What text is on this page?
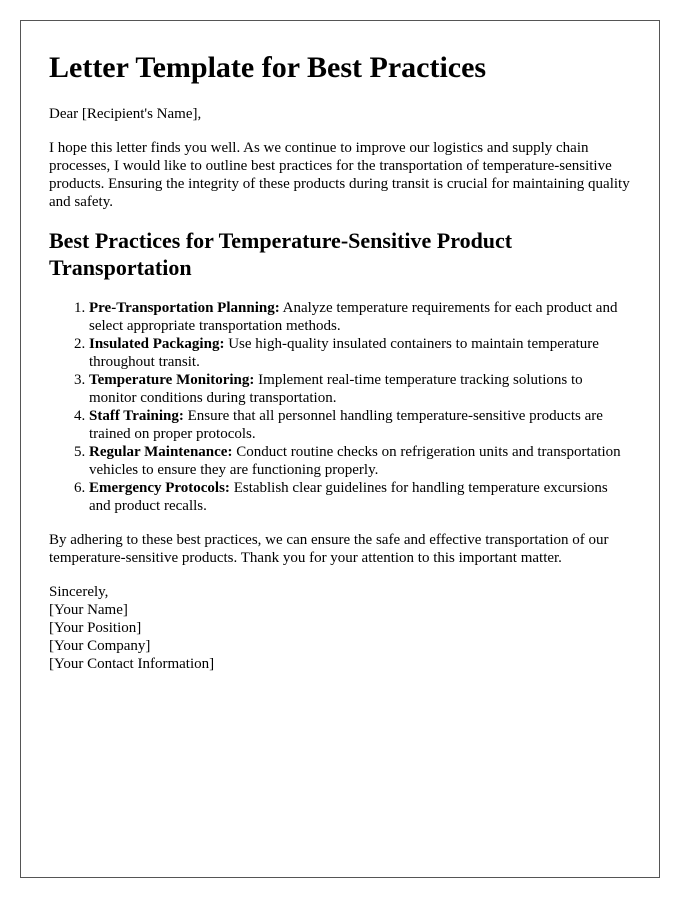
Letter Template for Best Practices

Dear [Recipient's Name],

I hope this letter finds you well. As we continue to improve our logistics and supply chain processes, I would like to outline best practices for the transportation of temperature-sensitive products. Ensuring the integrity of these products during transit is crucial for maintaining quality and safety.

Best Practices for Temperature-Sensitive Product Transportation
1. Pre-Transportation Planning: Analyze temperature requirements for each product and select appropriate transportation methods.
2. Insulated Packaging: Use high-quality insulated containers to maintain temperature throughout transit.
3. Temperature Monitoring: Implement real-time temperature tracking solutions to monitor conditions during transportation.
4. Staff Training: Ensure that all personnel handling temperature-sensitive products are trained on proper protocols.
5. Regular Maintenance: Conduct routine checks on refrigeration units and transportation vehicles to ensure they are functioning properly.
6. Emergency Protocols: Establish clear guidelines for handling temperature excursions and product recalls.

By adhering to these best practices, we can ensure the safe and effective transportation of our temperature-sensitive products. Thank you for your attention to this important matter.

Sincerely,
[Your Name]
[Your Position]
[Your Company]
[Your Contact Information]
